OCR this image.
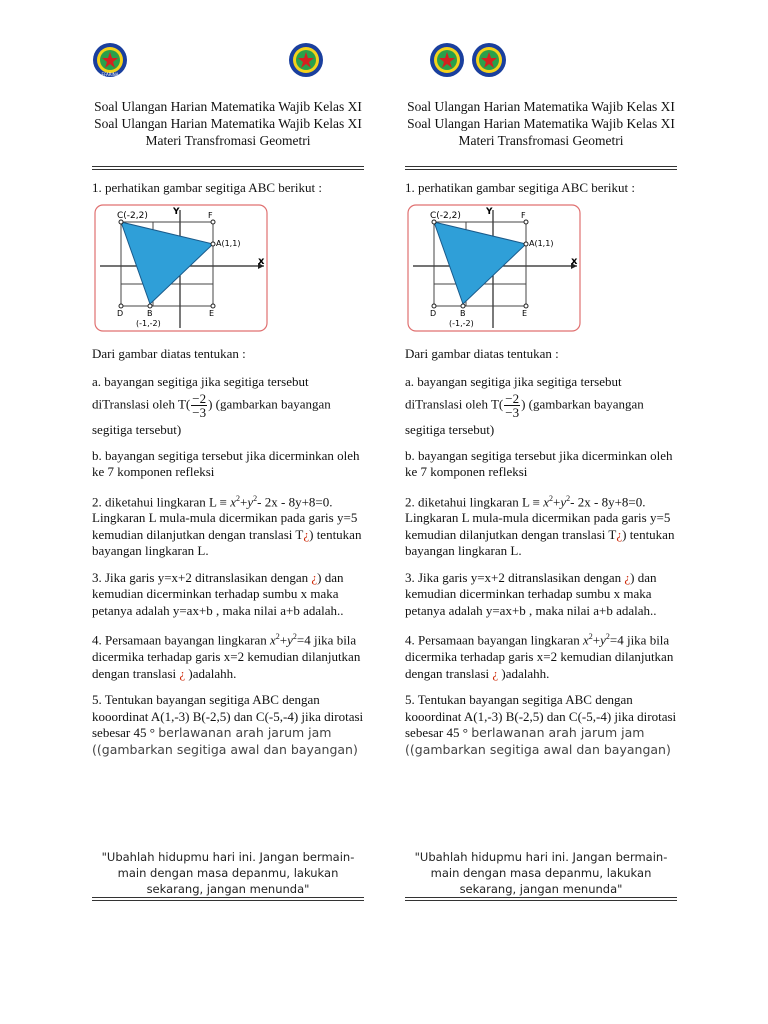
EFARINA
Soal Ulangan Harian Matematika Wajib Kelas XI Soal Ulangan Harian Matematika Wajib Kelas XI Materi Transfromasi Geometri

1. perhatikan gambar segitiga ABC berikut :

C(-2,2)	F
A(1,1)
x
Y
D	B	E
(-1,-2)

Dari gambar diatas tentukan :

a. bayangan segitiga jika segitiga tersebut diTranslasi oleh $T( \frac{-2}{-3}$ ) (gambarkan bayangan segitiga tersebut)

b. bayangan segitiga tersebut jika dicerminkan oleh ke 7 komponen refleksi

2. diketahui lingkaran $L \equiv x^2+y^2-$ 2x - 8y+8=0. Lingkaran L mula-mula dicermikan pada garis y=5 kemudian dilanjutkan dengan translasi T¿) tentukan bayangan lingkaran L.

3. Jika garis y=x+2 ditranslasikan dengan ¿) dan kemudian dicerminkan terhadap sumbu x maka petanya adalah y=ax+b , maka nilai a+b adalah..

4. Persamaan bayangan lingkaran $x^2+y^2=4$ jika bila dicermika terhadap garis x=2 kemudian dilanjutkan dengan translasi ¿ )adalahh.

5. Tentukan bayangan segitiga ABC dengan kooordinat A(1,-3) B(-2,5) dan C(-5,-4) jika dirotasi sebesar 45 ° berlawanan arah jarum jam ((gambarkan segitiga awal dan bayangan)

"Ubahlah hidupmu hari ini. Jangan bermain-main dengan masa depanmu, lakukan sekarang, jangan menunda"
Soal Ulangan Harian Matematika Wajib Kelas XI Soal Ulangan Harian Matematika Wajib Kelas XI Materi Transfromasi Geometri

1. perhatikan gambar segitiga ABC berikut :

C(-2,2)	F
A(1,1)
x
Y
D	B	E
(-1,-2)

Dari gambar diatas tentukan :

a. bayangan segitiga jika segitiga tersebut diTranslasi oleh $T( \frac{-2}{-3}$ ) (gambarkan bayangan segitiga tersebut)

b. bayangan segitiga tersebut jika dicerminkan oleh ke 7 komponen refleksi

2. diketahui lingkaran $L \equiv x^2+y^2-$ 2x - 8y+8=0. Lingkaran L mula-mula dicermikan pada garis y=5 kemudian dilanjutkan dengan translasi T¿) tentukan bayangan lingkaran L.

3. Jika garis y=x+2 ditranslasikan dengan ¿) dan kemudian dicerminkan terhadap sumbu x maka petanya adalah y=ax+b , maka nilai a+b adalah..

4. Persamaan bayangan lingkaran $x^2+y^2=4$ jika bila dicermika terhadap garis x=2 kemudian dilanjutkan dengan translasi ¿ )adalahh.

5. Tentukan bayangan segitiga ABC dengan kooordinat A(1,-3) B(-2,5) dan C(-5,-4) jika dirotasi sebesar 45 ° berlawanan arah jarum jam ((gambarkan segitiga awal dan bayangan)

"Ubahlah hidupmu hari ini. Jangan bermain-main dengan masa depanmu, lakukan sekarang, jangan menunda"
